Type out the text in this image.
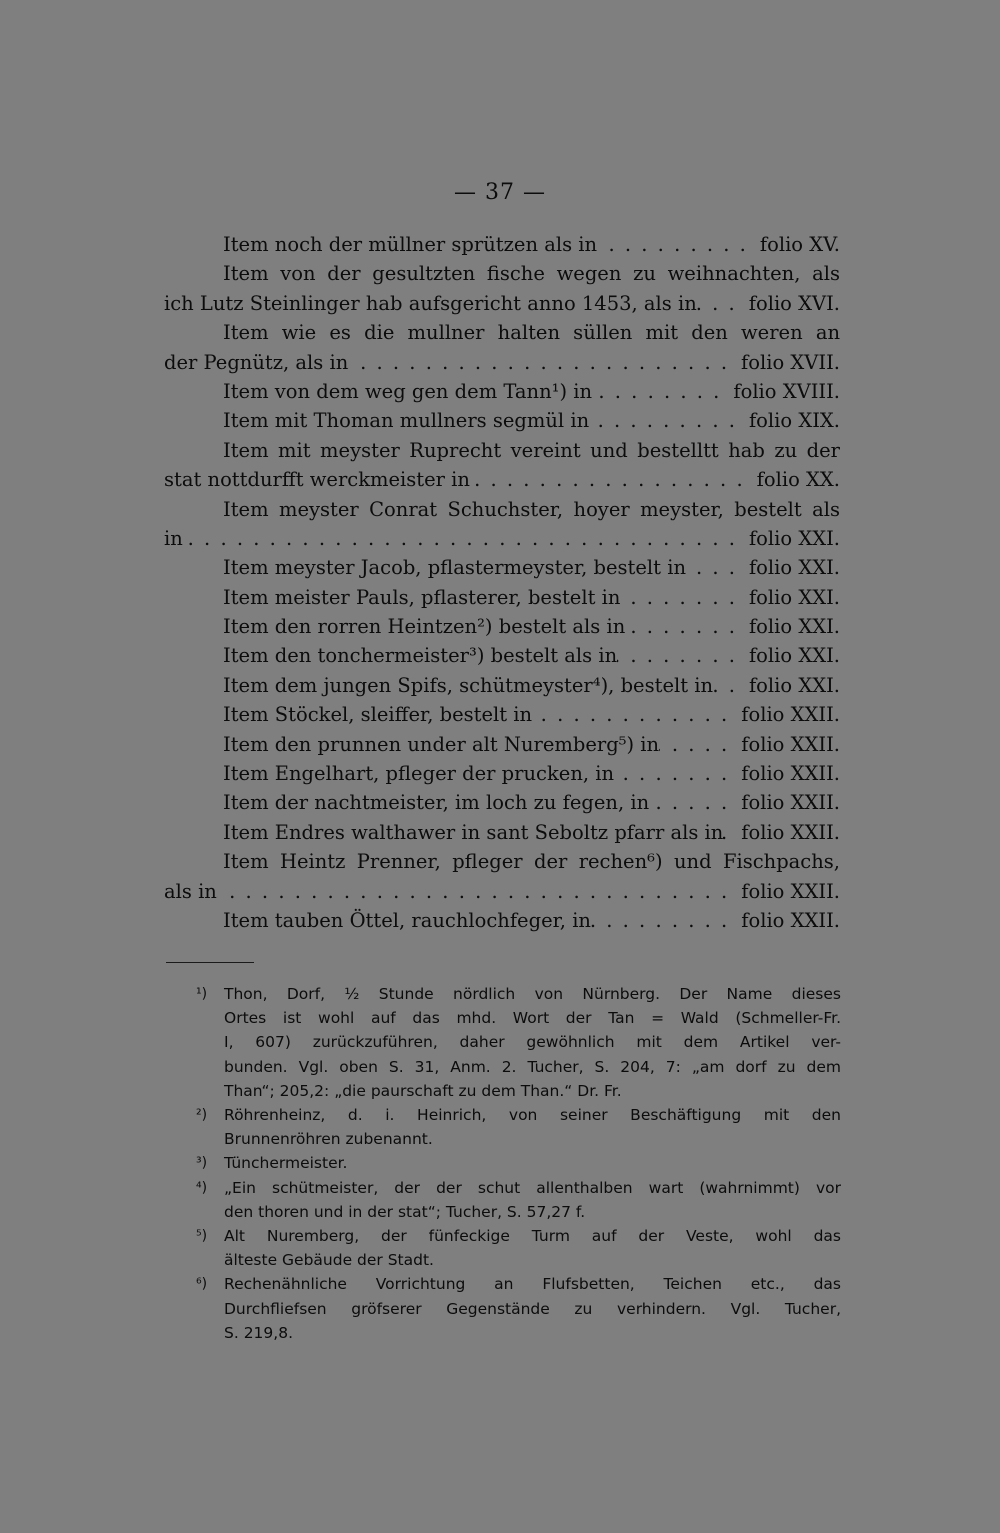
— 37 —
Item noch der müllner sprützen als in . . .	folio XV.
Item von der gesultzten fische wegen zu weihnachten, als
ich Lutz Steinlinger hab aufsgericht anno 1453, als in . . .	folio XVI.
Item wie es die mullner halten süllen mit den weren an
der Pegnütz, als in . . .	folio XVII.
Item von dem weg gen dem Tann¹) in . . .	folio XVIII.
Item mit Thoman mullners segmül in . . .	folio XIX.
Item mit meyster Ruprecht vereint und bestelltt hab zu der
stat nottdurfft werckmeister in . . .	folio XX.
Item meyster Conrat Schuchster, hoyer meyster, bestelt als
in . . .	folio XXI.
Item meyster Jacob, pflastermeyster, bestelt in . . .	folio XXI.
Item meister Pauls, pflasterer, bestelt in . . .	folio XXI.
Item den rorren Heintzen²) bestelt als in . . .	folio XXI.
Item den tonchermeister³) bestelt als in . . .	folio XXI.
Item dem jungen Spifs, schütmeyster⁴), bestelt in . . .	folio XXI.
Item Stöckel, sleiffer, bestelt in . . .	folio XXII.
Item den prunnen under alt Nuremberg⁵) in . . .	folio XXII.
Item Engelhart, pfleger der prucken, in . . .	folio XXII.
Item der nachtmeister, im loch zu fegen, in . . .	folio XXII.
Item Endres walthawer in sant Seboltz pfarr als in . . . folio XXII.
Item Heintz Prenner, pfleger der rechen⁶) und Fischpachs,
als in . . .	folio XXII.
Item tauben Öttel, rauchlochfeger, in . . .	folio XXII.
¹)	Thon, Dorf, ½ Stunde nördlich von Nürnberg. Der Name dieses
Ortes ist wohl auf das mhd. Wort der Tan = Wald (Schmeller-Fr.
I, 607) zurückzuführen, daher gewöhnlich mit dem Artikel ver-
bunden. Vgl. oben S. 31, Anm. 2. Tucher, S. 204, 7: „am dorf zu dem
Than“; 205,2: „die paurschaft zu dem Than.“ Dr. Fr.
²)	Röhrenheinz, d. i. Heinrich, von seiner Beschäftigung mit den
Brunnenröhren zubenannt.
³)	Tünchermeister.
⁴)	„Ein schütmeister, der der schut allenthalben wart (wahrnimmt) vor
den thoren und in der stat“; Tucher, S. 57,27 f.
⁵)	Alt Nuremberg, der fünfeckige Turm auf der Veste, wohl das
älteste Gebäude der Stadt.
⁶)	Rechenähnliche Vorrichtung an Flufsbetten, Teichen etc., das
Durchfliefsen gröfserer Gegenstände zu verhindern. Vgl. Tucher,
S. 219,8.
